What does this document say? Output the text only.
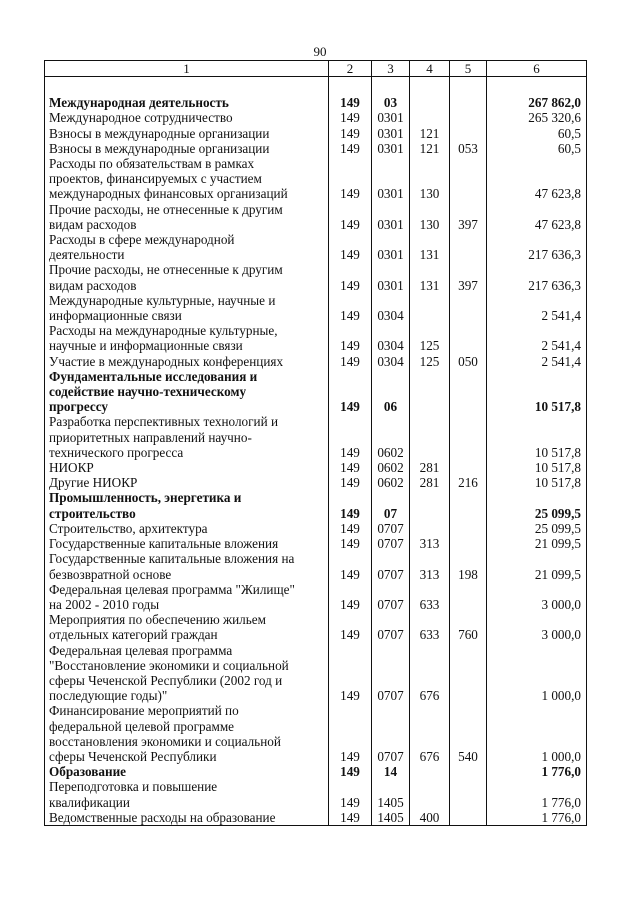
90
1	2	3	4	5	6

Международная деятельность	149	03			267 862,0
Международное сотрудничество	149	0301			265 320,6
Взносы в международные организации	149	0301	121		60,5
Взносы в международные организации	149	0301	121	053	60,5
Расходы по обязательствам в рамках
проектов, финансируемых с участием
международных финансовых организаций	149	0301	130		47 623,8
Прочие расходы, не отнесенные к другим
видам расходов	149	0301	130	397	47 623,8
Расходы в сфере международной
деятельности	149	0301	131		217 636,3
Прочие расходы, не отнесенные к другим
видам расходов	149	0301	131	397	217 636,3
Международные культурные, научные и
информационные связи	149	0304			2 541,4
Расходы на международные культурные,
научные и информационные связи	149	0304	125		2 541,4
Участие в международных конференциях	149	0304	125	050	2 541,4
Фундаментальные исследования и
содействие научно-техническому
прогрессу	149	06			10 517,8
Разработка перспективных технологий и
приоритетных направлений научно-
технического прогресса	149	0602			10 517,8
НИОКР	149	0602	281		10 517,8
Другие НИОКР	149	0602	281	216	10 517,8
Промышленность, энергетика и
строительство	149	07			25 099,5
Строительство, архитектура	149	0707			25 099,5
Государственные капитальные вложения	149	0707	313		21 099,5
Государственные капитальные вложения на
безвозвратной основе	149	0707	313	198	21 099,5
Федеральная целевая программа "Жилище"
на 2002 - 2010 годы	149	0707	633		3 000,0
Мероприятия по обеспечению жильем
отдельных категорий граждан	149	0707	633	760	3 000,0
Федеральная целевая программа
"Восстановление экономики и социальной
сферы Чеченской Республики (2002 год и
последующие годы)"	149	0707	676		1 000,0
Финансирование мероприятий по
федеральной целевой программе
восстановления экономики и социальной
сферы Чеченской Республики	149	0707	676	540	1 000,0
Образование	149	14			1 776,0
Переподготовка и повышение
квалификации	149	1405			1 776,0
Ведомственные расходы на образование	149	1405	400		1 776,0
